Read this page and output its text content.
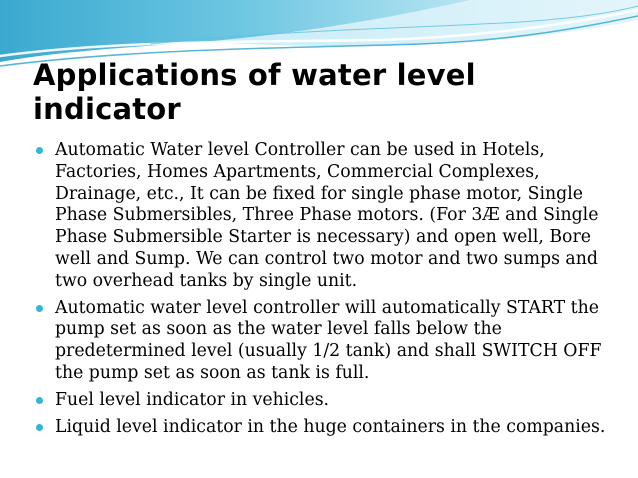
Applications of water level indicator
Automatic Water level Controller can be used in Hotels, Factories, Homes Apartments, Commercial Complexes, Drainage, etc., It can be fixed for single phase motor, Single Phase Submersibles, Three Phase motors. (For 3Æ and Single Phase Submersible Starter is necessary) and open well, Bore well and Sump. We can control two motor and two sumps and two overhead tanks by single unit.
Automatic water level controller will automatically START the pump set as soon as the water level falls below the predetermined level (usually 1/2 tank) and shall SWITCH OFF the pump set as soon as tank is full.
Fuel level indicator in vehicles.
Liquid level indicator in the huge containers in the companies.
